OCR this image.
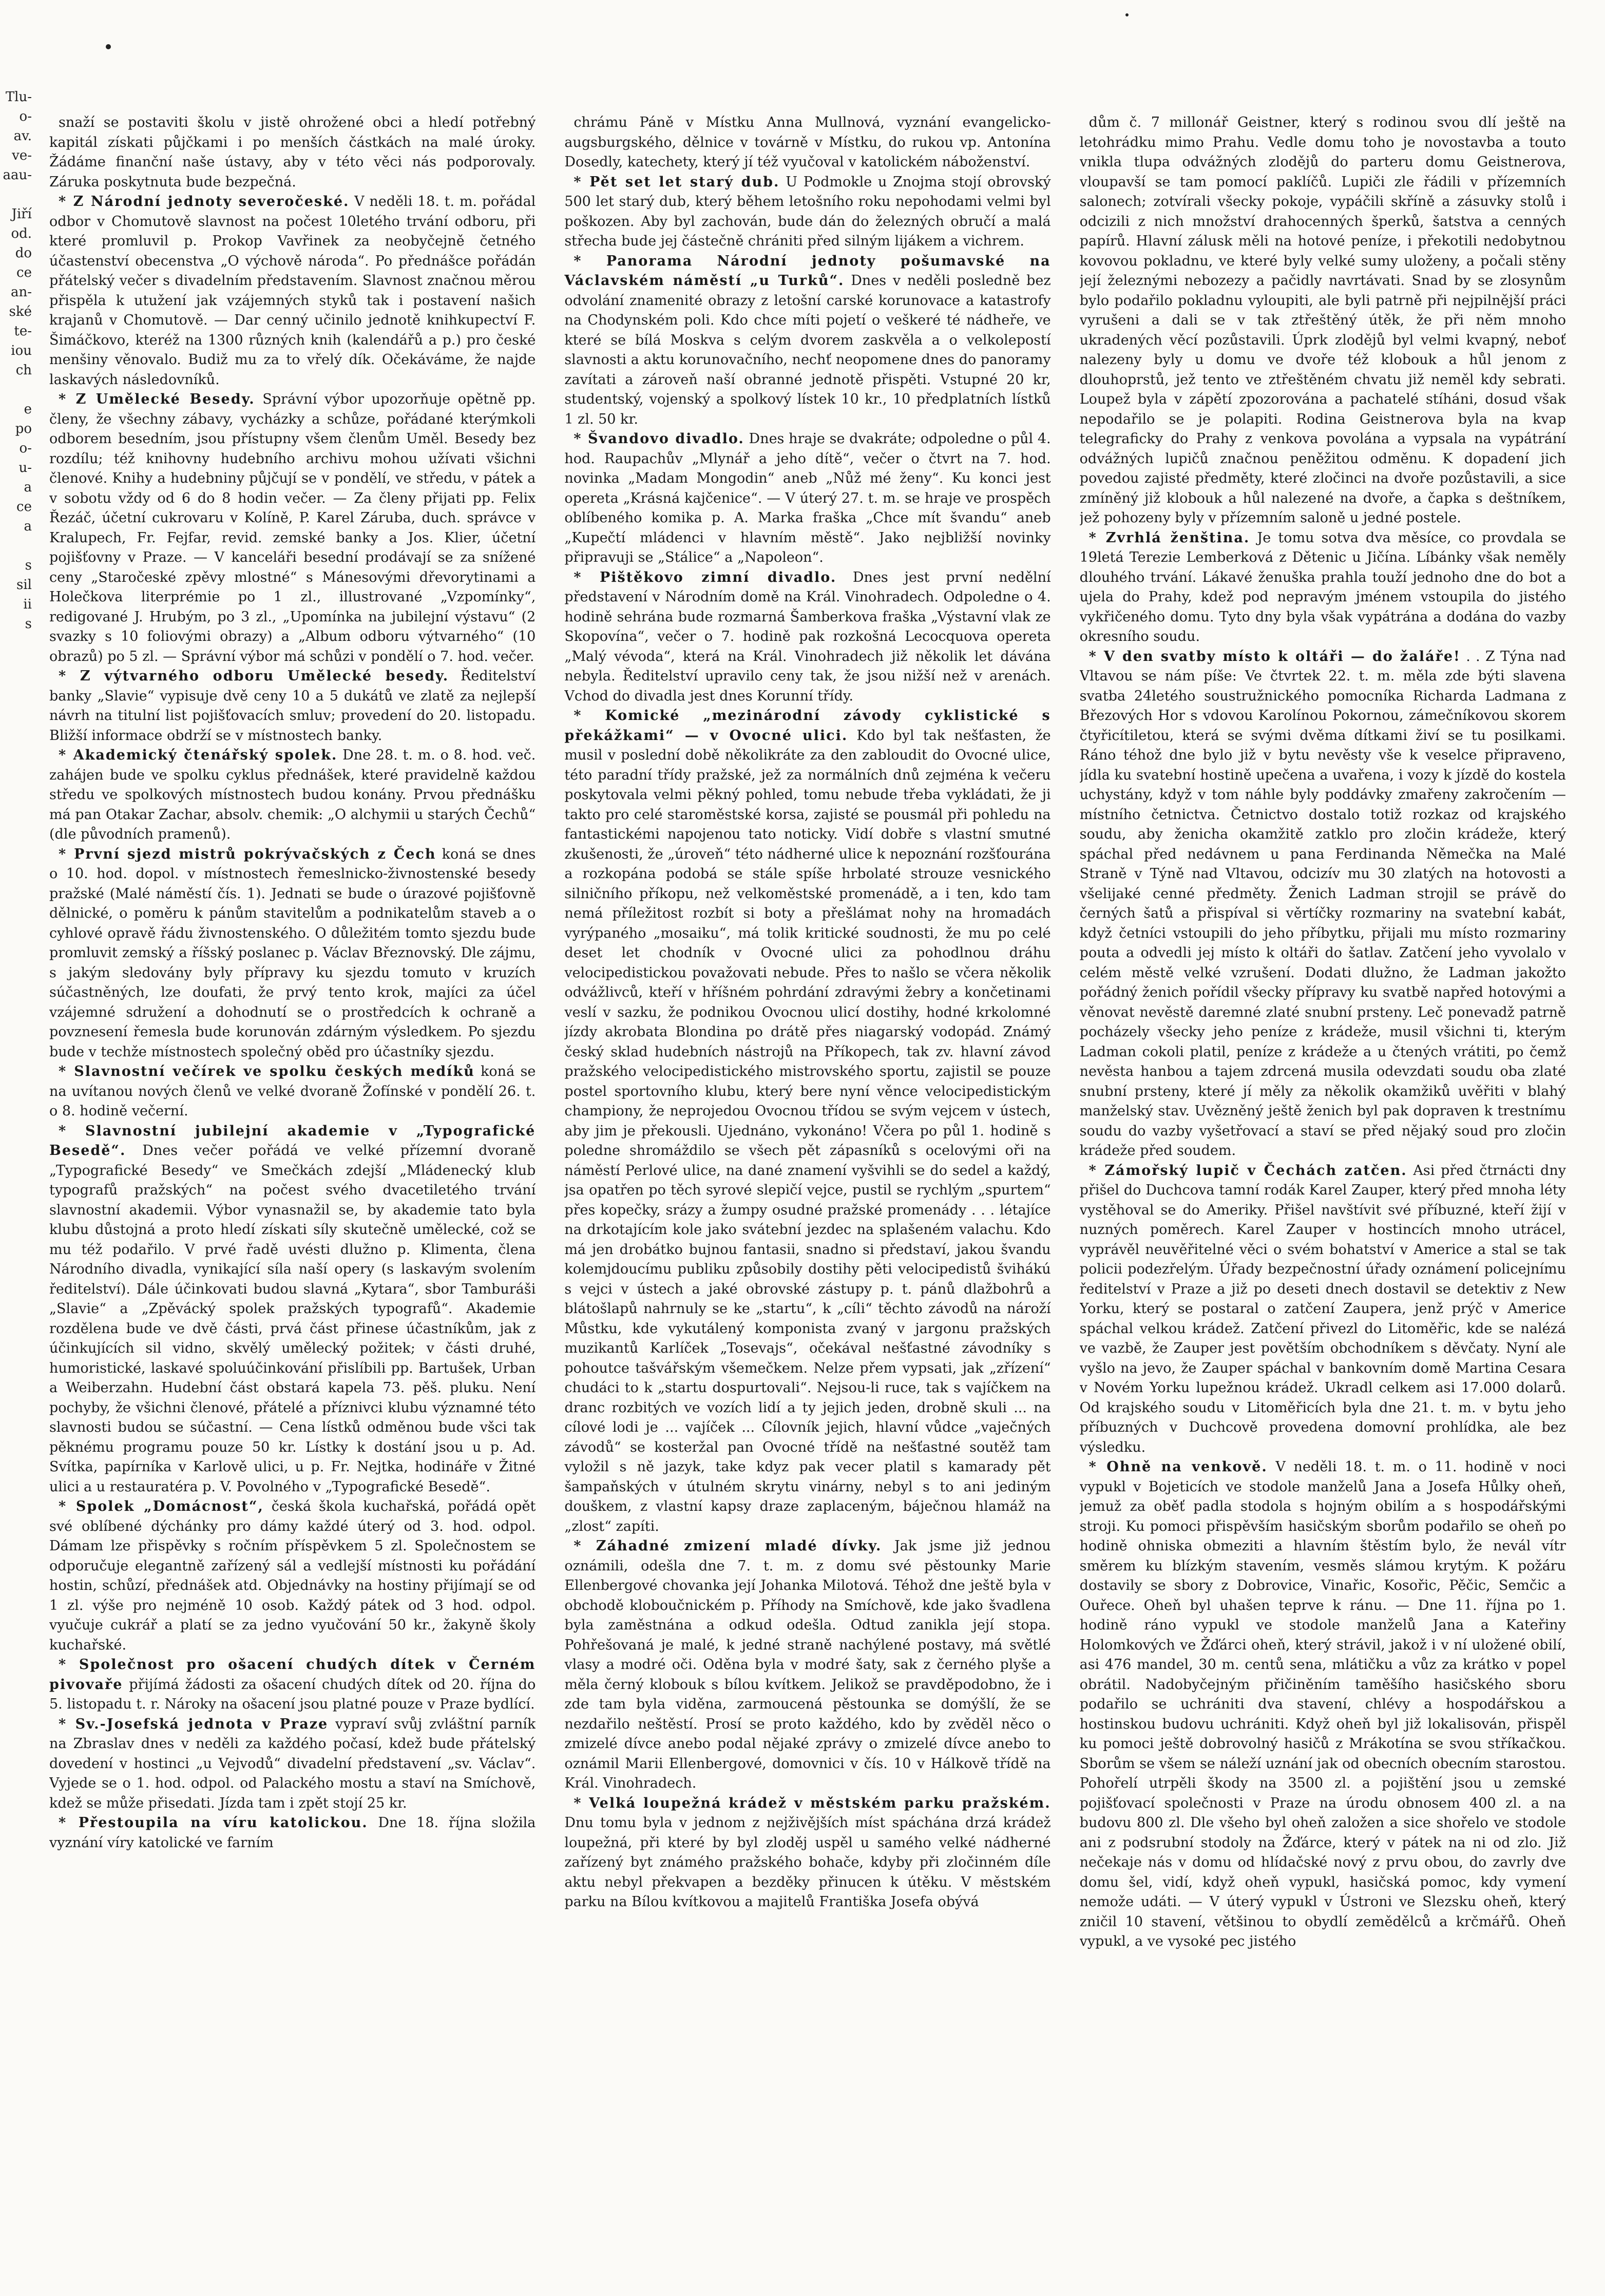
Tlu-
o-
av.
ve-
aau-

Jiří
od.
do
ce
an-
ské
te-
iou
ch

e
po
o-
u-
a
ce
a

s
sil
ii
s

snaží se postaviti školu v jistě ohrožené obci a hledí potřebný kapitál získati půjčkami i po menších částkách na malé úroky. Žádáme finanční naše ústavy, aby v této věci nás podporovaly. Záruka poskytnuta bude bezpečná.

* Z Národní jednoty severočeské. V neděli 18. t. m. pořádal odbor v Chomutově slavnost na počest 10letého trvání odboru, při které promluvil p. Prokop Vavřinek za neobyčejně četného účastenství obecenstva „O výchově národa“. Po přednášce pořádán přátelský večer s divadelním představením. Slavnost značnou měrou přispěla k utužení jak vzájemných styků tak i postavení našich krajanů v Chomutově. — Dar cenný učinilo jednotě knihkupectví F. Šimáčkovo, kteréž na 1300 různých knih (kalendářů a p.) pro české menšiny věnovalo. Budiž mu za to vřelý dík. Očekáváme, že najde laskavých následovníků.

* Z Umělecké Besedy. Správní výbor upozorňuje opětně pp. členy, že všechny zábavy, vycházky a schůze, pořádané kterýmkoli odborem besedním, jsou přístupny všem členům Uměl. Besedy bez rozdílu; též knihovny hudebního archivu mohou užívati všichni členové. Knihy a hudebniny půjčují se v pondělí, ve středu, v pátek a v sobotu vždy od 6 do 8 hodin večer. — Za členy přijati pp. Felix Řezáč, účetní cukrovaru v Kolíně, P. Karel Záruba, duch. správce v Kralupech, Fr. Fejfar, revid. zemské banky a Jos. Klier, účetní pojišťovny v Praze. — V kanceláři besední prodávají se za snížené ceny „Staročeské zpěvy mlostné“ s Mánesovými dřevorytinami a Holečkova literprémie po 1 zl., illustrované „Vzpomínky“, redigované J. Hrubým, po 3 zl., „Upomínka na jubilejní výstavu“ (2 svazky s 10 foliovými obrazy) a „Album odboru výtvarného“ (10 obrazů) po 5 zl. — Správní výbor má schůzi v pondělí o 7. hod. večer.

* Z výtvarného odboru Umělecké besedy. Ředitelství banky „Slavie“ vypisuje dvě ceny 10 a 5 dukátů ve zlatě za nejlepší návrh na titulní list pojišťovacích smluv; provedení do 20. listopadu. Bližší informace obdrží se v místnostech banky.

* Akademický čtenářský spolek. Dne 28. t. m. o 8. hod. več. zahájen bude ve spolku cyklus přednášek, které pravidelně každou středu ve spolkových místnostech budou konány. Prvou přednášku má pan Otakar Zachar, absolv. chemik: „O alchymii u starých Čechů“ (dle původních pramenů).

* První sjezd mistrů pokrývačských z Čech koná se dnes o 10. hod. dopol. v místnostech řemeslnicko-živnostenské besedy pražské (Malé náměstí čís. 1). Jednati se bude o úrazové pojišťovně dělnické, o poměru k pánům stavitelům a podnikatelům staveb a o cyhlové opravě řádu živnostenského. O důležitém tomto sjezdu bude promluvit zemský a říšský poslanec p. Václav Březnovský. Dle zájmu, s jakým sledovány byly přípravy ku sjezdu tomuto v kruzích súčastněných, lze doufati, že prvý tento krok, majíci za účel vzájemné sdružení a dohodnutí se o prostředcích k ochraně a povznesení řemesla bude korunován zdárným výsledkem. Po sjezdu bude v techže místnostech společný oběd pro účastníky sjezdu.

* Slavnostní večírek ve spolku českých medíků koná se na uvítanou nových členů ve velké dvoraně Žofínské v pondělí 26. t. o 8. hodině večerní.

* Slavnostní jubilejní akademie v „Typografické Besedě“. Dnes večer pořádá ve velké přízemní dvoraně „Typografické Besedy“ ve Smečkách zdejší „Mládenecký klub typografů pražských“ na počest svého dvacetiletého trvání slavnostní akademii. Výbor vynasnažil se, by akademie tato byla klubu důstojná a proto hledí získati síly skutečně umělecké, což se mu též podařilo. V prvé řadě uvésti dlužno p. Klimenta, člena Národního divadla, vynikající síla naší opery (s laskavým svolením ředitelství). Dále účinkovati budou slavná „Kytara“, sbor Tamburáši „Slavie“ a „Zpěvácký spolek pražských typografů“. Akademie rozdělena bude ve dvě části, prvá část přinese účastníkům, jak z účinkujících sil vidno, skvělý umělecký požitek; v části druhé, humoristické, laskavé spoluúčinkování přislíbili pp. Bartušek, Urban a Weiberzahn. Hudební část obstará kapela 73. pěš. pluku. Není pochyby, že všichni členové, přátelé a příznivci klubu významné této slavnosti budou se súčastní. — Cena lístků odměnou bude všci tak pěknému programu pouze 50 kr. Lístky k dostání jsou u p. Ad. Svítka, papírníka v Karlově ulici, u p. Fr. Nejtka, hodináře v Žitné ulici a u restauratéra p. V. Povolného v „Typografické Besedě“.

* Spolek „Domácnost“, česká škola kuchařská, pořádá opět své oblíbené dýchánky pro dámy každé úterý od 3. hod. odpol. Dámam lze přispěvky s ročním příspěvkem 5 zl. Společnostem se odporučuje elegantně zařízený sál a vedlejší místnosti ku pořádání hostin, schůzí, přednášek atd. Objednávky na hostiny přijímají se od 1 zl. výše pro nejméně 10 osob. Každý pátek od 3 hod. odpol. vyučuje cukrář a platí se za jedno vyučování 50 kr., žakyně školy kuchařské.

* Společnost pro ošacení chudých dítek v Černém pivovaře přijímá žádosti za ošacení chudých dítek od 20. října do 5. listopadu t. r. Nároky na ošacení jsou platné pouze v Praze bydlící.

* Sv.-Josefská jednota v Praze vypraví svůj zvláštní parník na Zbraslav dnes v neděli za každého počasí, kdež bude přátelský dovedení v hostinci „u Vejvodů“ divadelní představení „sv. Václav“. Vyjede se o 1. hod. odpol. od Palackého mostu a staví na Smíchově, kdež se může přisedati. Jízda tam i zpět stojí 25 kr.

* Přestoupila na víru katolickou. Dne 18. října složila vyznání víry katolické ve farním

chrámu Páně v Místku Anna Mullnová, vyznání evangelicko-augsburgského, dělnice v továrně v Místku, do rukou vp. Antonína Dosedly, katechety, který jí též vyučoval v katolickém náboženství.

* Pět set let starý dub. U Podmokle u Znojma stojí obrovský 500 let starý dub, který během letošního roku nepohodami velmi byl poškozen. Aby byl zachován, bude dán do železných obručí a malá střecha bude jej částečně chrániti před silným lijákem a vichrem.

* Panorama Národní jednoty pošumavské na Václavském náměstí „u Turků“. Dnes v neděli posledně bez odvolání znamenité obrazy z letošní carské korunovace a katastrofy na Chodynském poli. Kdo chce míti pojetí o veškeré té nádheře, ve které se bílá Moskva s celým dvorem zaskvěla a o velkolepostí slavnosti a aktu korunovačního, nechť neopomene dnes do panoramy zavítati a zároveň naší obranné jednotě přispěti. Vstupné 20 kr, studentský, vojenský a spolkový lístek 10 kr., 10 předplatních lístků 1 zl. 50 kr.

* Švandovo divadlo. Dnes hraje se dvakráte; odpoledne o půl 4. hod. Raupachův „Mlynář a jeho dítě“, večer o čtvrt na 7. hod. novinka „Madam Mongodin“ aneb „Nůž mé ženy“. Ku konci jest opereta „Krásná kajčenice“. — V úterý 27. t. m. se hraje ve prospěch oblíbeného komika p. A. Marka fraška „Chce mít švandu“ aneb „Kupečtí mládenci v hlavním městě“. Jako nejbližší novinky připravuji se „Stálice“ a „Napoleon“.

* Pištěkovo zimní divadlo. Dnes jest první nedělní představení v Národním domě na Král. Vinohradech. Odpoledne o 4. hodině sehrána bude rozmarná Šamberkova fraška „Výstavní vlak ze Skopovína“, večer o 7. hodině pak rozkošná Lecocquova opereta „Malý vévoda“, která na Král. Vinohradech již několik let dávána nebyla. Ředitelství upravilo ceny tak, že jsou nižší než v arenách. Vchod do divadla jest dnes Korunní třídy.

* Komické „mezinárodní závody cyklistické s překážkami“ — v Ovocné ulici. Kdo byl tak nešťasten, že musil v poslední době několikráte za den zabloudit do Ovocné ulice, této paradní třídy pražské, jež za normálních dnů zejména k večeru poskytovala velmi pěkný pohled, tomu nebude třeba vykládati, že ji takto pro celé staroměstské korsa, zajisté se pousmál při pohledu na fantastickémi napojenou tato noticky. Vidí dobře s vlastní smutné zkušenosti, že „úroveň“ této nádherné ulice k nepoznání rozšťourána a rozkopána podobá se stále spíše hrbolaté strouze vesnického silničního příkopu, než velkoměstské promenádě, a i ten, kdo tam nemá příležitost rozbít si boty a přešlámat nohy na hromadách vyrýpaného „mosaiku“, má tolik kritické soudnosti, že mu po celé deset let chodník v Ovocné ulici za pohodlnou dráhu velocipedistickou považovati nebude. Přes to našlo se včera několik odvážlivců, kteří v hříšném pohrdání zdravými žebry a končetinami veslí v sazku, že podnikou Ovocnou ulicí dostihy, hodné krkolomné jízdy akrobata Blondina po drátě přes niagarský vodopád. Známý český sklad hudebních nástrojů na Příkopech, tak zv. hlavní závod pražského velocipedistického mistrovského sportu, zajistil se pouze postel sportovního klubu, který bere nyní věnce velocipedistickým championy, že neprojedou Ovocnou třídou se svým vejcem v ústech, aby jim je překousli. Ujednáno, vykonáno! Včera po půl 1. hodině s poledne shromáždilo se všech pět zápasníků s ocelovými oři na náměstí Perlové ulice, na dané znamení vyšvihli se do sedel a každý, jsa opatřen po těch syrové slepičí vejce, pustil se rychlým „spurtem“ přes kopečky, srázy a žumpy osudné pražské promenády . . . létajíce na drkotajícím kole jako svátební jezdec na splašeném valachu. Kdo má jen drobátko bujnou fantasii, snadno si představí, jakou švandu kolemjdoucímu publiku způsobily dostihy pěti velocipedistů švihákú s vejci v ústech a jaké obrovské zástupy p. t. pánů dlažbohrů a blátošlapů nahrnuly se ke „startu“, k „cíli“ těchto závodů na nároží Můstku, kde vykutálený komponista zvaný v jargonu pražských muzikantů Karlíček „Tosevajs“, očekával nešťastné závodníky s pohoutce tašvářským všemečkem. Nelze přem vypsati, jak „zřízení“ chudáci to k „startu dospurtovali“. Nejsou-li ruce, tak s vajíčkem na dranc rozbitých ve vozích lidí a ty jejich jeden, drobně skuli ... na cílové lodi je ... vajíček ... Cílovník jejich, hlavní vůdce „vaječných závodů“ se kosteržal pan Ovocné třídě na nešťastné soutěž tam vyložil s ně jazyk, take kdyz pak vecer platil s kamarady pět šampaňských v útulném skrytu vinárny, nebyl s to ani jediným douškem, z vlastní kapsy draze zaplaceným, báječnou hlamáž na „zlost“ zapíti.

* Záhadné zmizení mladé dívky. Jak jsme již jednou oznámili, odešla dne 7. t. m. z domu své pěstounky Marie Ellenbergové chovanka její Johanka Milotová. Téhož dne ještě byla v obchodě kloboučnickém p. Příhody na Smíchově, kde jako švadlena byla zaměstnána a odkud odešla. Odtud zanikla její stopa. Pohřešovaná je malé, k jedné straně nachýlené postavy, má světlé vlasy a modré oči. Oděna byla v modré šaty, sak z černého plyše a měla černý klobouk s bílou kvítkem. Jelikož se pravděpodobno, že i zde tam byla viděna, zarmoucená pěstounka se domýšlí, že se nezdařilo neštěstí. Prosí se proto každého, kdo by zvěděl něco o zmizelé dívce anebo podal nějaké zprávy o zmizelé dívce anebo to oznámil Marii Ellenbergové, domovnici v čís. 10 v Hálkově třídě na Král. Vinohradech.

* Velká loupežná krádež v městském parku pražském. Dnu tomu byla v jednom z nejživějších míst spáchána drzá krádež loupežná, při které by byl zloděj uspěl u samého velké nádherné zařízený byt známého pražského bohače, kdyby při zločinném díle aktu nebyl překvapen a bezděky přinucen k útěku. V městském parku na Bílou kvítkovou a majitelů Františka Josefa obývá

dům č. 7 millonář Geistner, který s rodinou svou dlí ještě na letohrádku mimo Prahu. Vedle domu toho je novostavba a touto vnikla tlupa odvážných zlodějů do parteru domu Geistnerova, vloupavší se tam pomocí paklíčů. Lupiči zle řádili v přízemních salonech; zotvírali všecky pokoje, vypáčili skříně a zásuvky stolů i odcizili z nich množství drahocenných šperků, šatstva a cenných papírů. Hlavní zálusk měli na hotové peníze, i překotili nedobytnou kovovou pokladnu, ve které byly velké sumy uloženy, a počali stěny její železnými nebozezy a pačidly navrtávati. Snad by se zlosynům bylo podařilo pokladnu vyloupiti, ale byli patrně při nejpilnější práci vyrušeni a dali se v tak ztřeštěný útěk, že při něm mnoho ukradených věcí pozůstavili. Úprk zlodějů byl velmi kvapný, neboť nalezeny byly u domu ve dvoře též klobouk a hůl jenom z dlouhoprstů, jež tento ve ztřeštěném chvatu již neměl kdy sebrati. Loupež byla v zápětí zpozorována a pachatelé stíháni, dosud však nepodařilo se je polapiti. Rodina Geistnerova byla na kvap telegraficky do Prahy z venkova povolána a vypsala na vypátrání odvážných lupičů značnou peněžitou odměnu. K dopadení jich povedou zajisté předměty, které zločinci na dvoře pozůstavili, a sice zmíněný již klobouk a hůl nalezené na dvoře, a čapka s deštníkem, jež pohozeny byly v přízemním saloně u jedné postele.

* Zvrhlá ženština. Je tomu sotva dva měsíce, co provdala se 19letá Terezie Lemberková z Dětenic u Jičína. Líbánky však neměly dlouhého trvání. Lákavé ženuška prahla touží jednoho dne do bot a ujela do Prahy, kdež pod nepravým jménem vstoupila do jistého vykřičeného domu. Tyto dny byla však vypátrána a dodána do vazby okresního soudu.

* V den svatby místo k oltáři — do žaláře! . . Z Týna nad Vltavou se nám píše: Ve čtvrtek 22. t. m. měla zde býti slavena svatba 24letého soustružnického pomocníka Richarda Ladmana z Březových Hor s vdovou Karolínou Pokornou, zámečníkovou skorem čtyřicítiletou, která se svými dvěma dítkami živí se tu posilkami. Ráno téhož dne bylo již v bytu nevěsty vše k veselce připraveno, jídla ku svatební hostině upečena a uvařena, i vozy k jízdě do kostela uchystány, když v tom náhle byly poddávky zmařeny zakročením — místního četnictva. Četnictvo dostalo totiž rozkaz od krajského soudu, aby ženicha okamžitě zatklo pro zločin krádeže, který spáchal před nedávnem u pana Ferdinanda Němečka na Malé Straně v Týně nad Vltavou, odcizív mu 30 zlatých na hotovosti a všelijaké cenné předměty. Ženich Ladman strojil se právě do černých šatů a přispíval si věrtíčky rozmariny na svatební kabát, když četníci vstoupili do jeho příbytku, přijali mu místo rozmariny pouta a odvedli jej místo k oltáři do šatlav. Zatčení jeho vyvolalo v celém městě velké vzrušení. Dodati dlužno, že Ladman jakožto pořádný ženich pořídil všecky přípravy ku svatbě napřed hotovými a věnovat nevěstě daremné zlaté snubní prsteny. Leč ponevadž patrně pocházely všecky jeho peníze z krádeže, musil všichni ti, kterým Ladman cokoli platil, peníze z krádeže a u čtených vrátiti, po čemž nevěsta hanbou a tajem zdrcená musila odevzdati soudu oba zlaté snubní prsteny, které jí měly za několik okamžiků uvěřiti v blahý manželský stav. Uvězněný ještě ženich byl pak dopraven k trestnímu soudu do vazby vyšetřovací a staví se před nějaký soud pro zločin krádeže před soudem.

* Zámořský lupič v Čechách zatčen. Asi před čtrnácti dny přišel do Duchcova tamní rodák Karel Zauper, který před mnoha léty vystěhoval se do Ameriky. Přišel navštívit své příbuzné, kteří žijí v nuzných poměrech. Karel Zauper v hostincích mnoho utrácel, vyprávěl neuvěřitelné věci o svém bohatství v Americe a stal se tak policii podezřelým. Úřady bezpečnostní úřady oznámení policejnímu ředitelství v Praze a již po deseti dnech dostavil se detektiv z New Yorku, který se postaral o zatčení Zaupera, jenž prýč v Americe spáchal velkou krádež. Zatčení přivezl do Litoměřic, kde se nalézá ve vazbě, že Zauper jest povětším obchodníkem s děvčaty. Nyní ale vyšlo na jevo, že Zauper spáchal v bankovním domě Martina Cesara v Novém Yorku lupežnou krádež. Ukradl celkem asi 17.000 dolarů. Od krajského soudu v Litoměřicích byla dne 21. t. m. v bytu jeho příbuzných v Duchcově provedena domovní prohlídka, ale bez výsledku.

* Ohně na venkově. V neděli 18. t. m. o 11. hodině v noci vypukl v Bojeticích ve stodole manželů Jana a Josefa Hůlky oheň, jemuž za oběť padla stodola s hojným obilím a s hospodářskými stroji. Ku pomoci přispěvším hasičským sborům podařilo se oheň po hodině ohniska obmeziti a hlavním štěstím bylo, že nevál vítr směrem ku blízkým stavením, vesměs slámou krytým. K požáru dostavily se sbory z Dobrovice, Vinařic, Kosořic, Pěčic, Semčic a Ouřece. Oheň byl uhašen teprve k ránu. — Dne 11. října po 1. hodině ráno vypukl ve stodole manželů Jana a Kateřiny Holomkových ve Žďárci oheň, který strávil, jakož i v ní uložené obilí, asi 476 mandel, 30 m. centů sena, mlátičku a vůz za krátko v popel obrátil. Nadobyčejným přičiněním taměšího hasičského sboru podařilo se uchrániti dva stavení, chlévy a hospodářskou a hostinskou budovu uchrániti. Když oheň byl již lokalisován, přispěl ku pomoci ještě dobrovolný hasičů z Mrákotína se svou stříkačkou. Sborům se všem se náleží uznání jak od obecních obecním starostou. Pohořelí utrpěli škody na 3500 zl. a pojištění jsou u zemské pojišťovací společnosti v Praze na úrodu obnosem 400 zl. a na budovu 800 zl. Dle všeho byl oheň založen a sice shořelo ve stodole ani z podsrubní stodoly na Žďárce, který v pátek na ni od zlo. Již nečekaje nás v domu od hlídačské nový z prvu obou, do zavrly dve domu šel, vidí, když oheň vypukl, hasičská pomoc, kdy vymení nemože udáti. — V úterý vypukl v Ústroni ve Slezsku oheň, který zničil 10 stavení, většinou to obydlí zemědělců a krčmářů. Oheň vypukl, a ve vysoké pec jistého
